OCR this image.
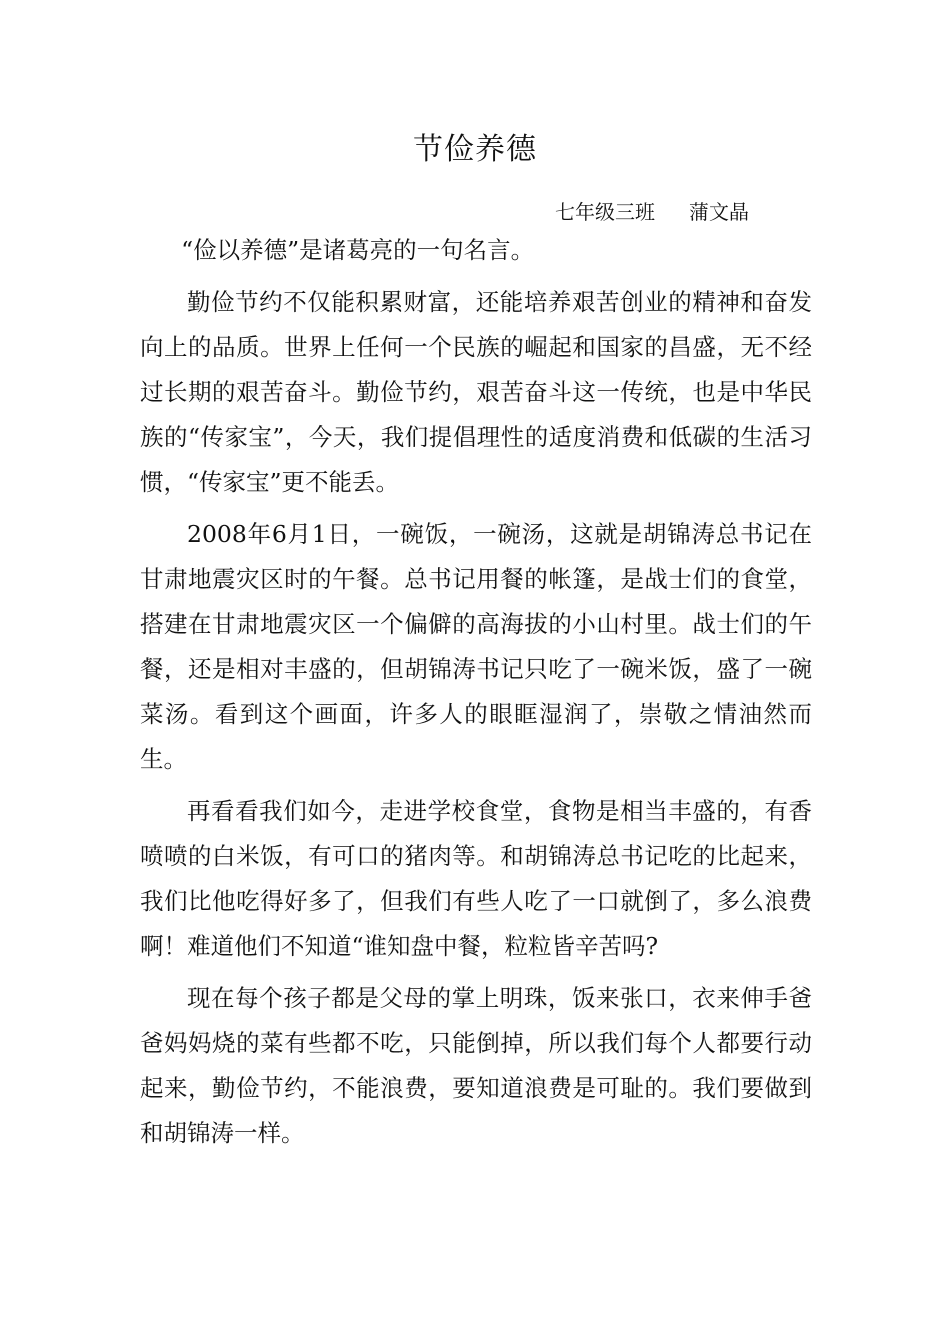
节俭养德
七年级三班 蒲文晶

“俭以养德”是诸葛亮的一句名言。

勤俭节约不仅能积累财富，还能培养艰苦创业的精神和奋发向上的品质。世界上任何一个民族的崛起和国家的昌盛，无不经过长期的艰苦奋斗。勤俭节约，艰苦奋斗这一传统，也是中华民族的“传家宝”，今天，我们提倡理性的适度消费和低碳的生活习惯，“传家宝”更不能丢。

2008年6月1日，一碗饭，一碗汤，这就是胡锦涛总书记在甘肃地震灾区时的午餐。总书记用餐的帐篷，是战士们的食堂，搭建在甘肃地震灾区一个偏僻的高海拔的小山村里。战士们的午餐，还是相对丰盛的，但胡锦涛书记只吃了一碗米饭，盛了一碗菜汤。看到这个画面，许多人的眼眶湿润了，崇敬之情油然而生。

再看看我们如今，走进学校食堂，食物是相当丰盛的，有香喷喷的白米饭，有可口的猪肉等。和胡锦涛总书记吃的比起来，我们比他吃得好多了，但我们有些人吃了一口就倒了，多么浪费啊！难道他们不知道“谁知盘中餐，粒粒皆辛苦吗?

现在每个孩子都是父母的掌上明珠，饭来张口，衣来伸手爸爸妈妈烧的菜有些都不吃，只能倒掉，所以我们每个人都要行动起来，勤俭节约，不能浪费，要知道浪费是可耻的。我们要做到和胡锦涛一样。
